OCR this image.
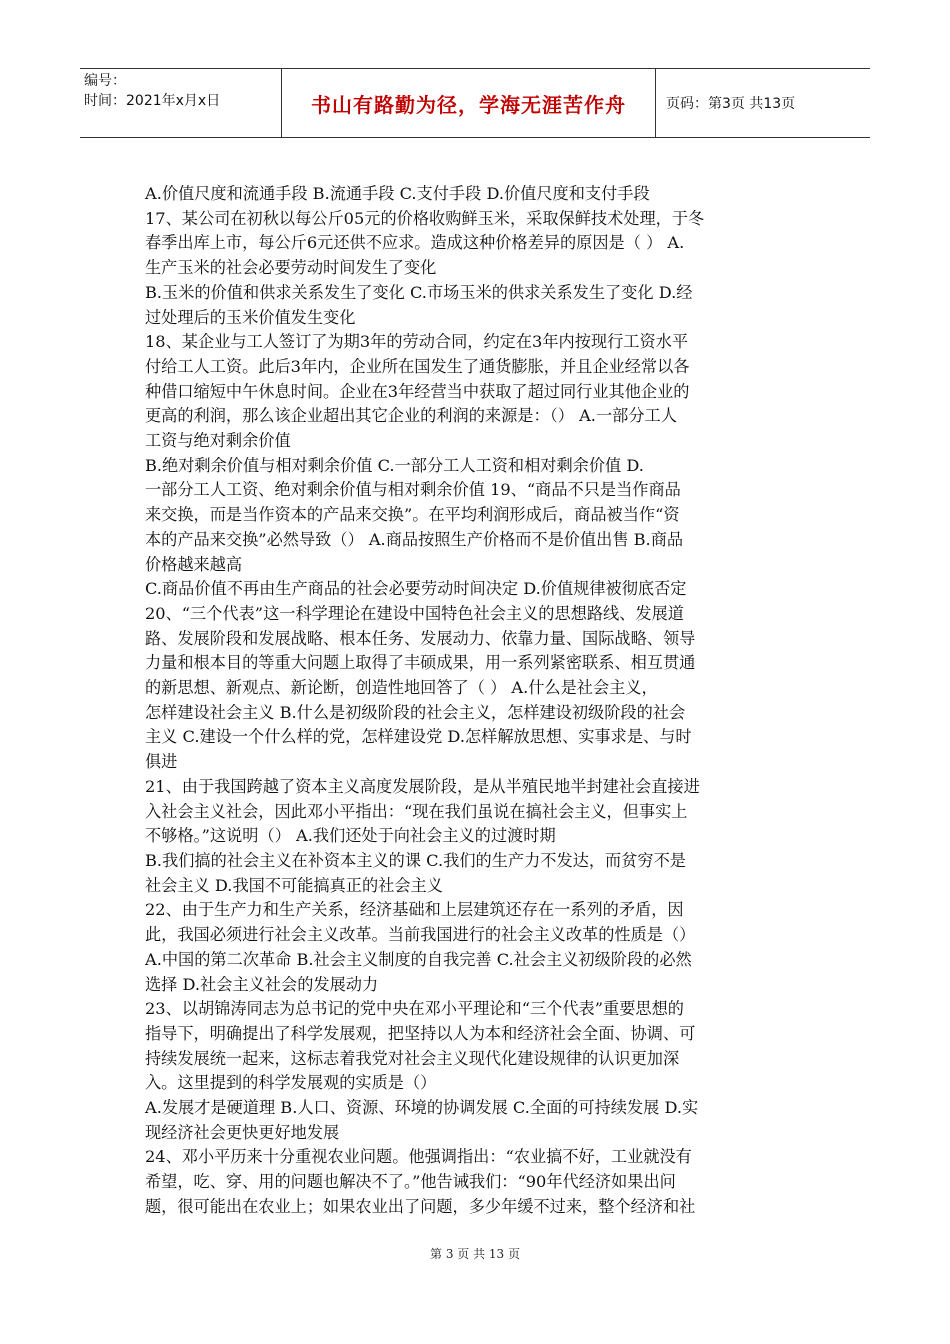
编号：
时间：2021年x月x日	书山有路勤为径，学海无涯苦作舟	页码：第3页 共13页

A.价值尺度和流通手段 B.流通手段 C.支付手段 D.价值尺度和支付手段

17、某公司在初秋以每公斤05元的价格收购鲜玉米，采取保鲜技术处理，于冬

春季出库上市，每公斤6元还供不应求。造成这种价格差异的原因是（ ） A.

生产玉米的社会必要劳动时间发生了变化

B.玉米的价值和供求关系发生了变化 C.市场玉米的供求关系发生了变化 D.经

过处理后的玉米价值发生变化

18、某企业与工人签订了为期3年的劳动合同，约定在3年内按现行工资水平

付给工人工资。此后3年内，企业所在国发生了通货膨胀，并且企业经常以各

种借口缩短中午休息时间。企业在3年经营当中获取了超过同行业其他企业的

更高的利润，那么该企业超出其它企业的利润的来源是：（） A.一部分工人

工资与绝对剩余价值

B.绝对剩余价值与相对剩余价值 C.一部分工人工资和相对剩余价值 D.

一部分工人工资、绝对剩余价值与相对剩余价值 19、“商品不只是当作商品

来交换，而是当作资本的产品来交换”。在平均利润形成后，商品被当作“资

本的产品来交换”必然导致（） A.商品按照生产价格而不是价值出售 B.商品

价格越来越高

C.商品价值不再由生产商品的社会必要劳动时间决定 D.价值规律被彻底否定

20、“三个代表”这一科学理论在建设中国特色社会主义的思想路线、发展道

路、发展阶段和发展战略、根本任务、发展动力、依靠力量、国际战略、领导

力量和根本目的等重大问题上取得了丰硕成果，用一系列紧密联系、相互贯通

的新思想、新观点、新论断，创造性地回答了（ ） A.什么是社会主义，

怎样建设社会主义 B.什么是初级阶段的社会主义，怎样建设初级阶段的社会

主义 C.建设一个什么样的党，怎样建设党 D.怎样解放思想、实事求是、与时

俱进

21、由于我国跨越了资本主义高度发展阶段，是从半殖民地半封建社会直接进

入社会主义社会，因此邓小平指出：“现在我们虽说在搞社会主义，但事实上

不够格。”这说明（） A.我们还处于向社会主义的过渡时期

B.我们搞的社会主义在补资本主义的课 C.我们的生产力不发达，而贫穷不是

社会主义 D.我国不可能搞真正的社会主义

22、由于生产力和生产关系，经济基础和上层建筑还存在一系列的矛盾，因

此，我国必须进行社会主义改革。当前我国进行的社会主义改革的性质是（）

A.中国的第二次革命 B.社会主义制度的自我完善 C.社会主义初级阶段的必然

选择 D.社会主义社会的发展动力

23、以胡锦涛同志为总书记的党中央在邓小平理论和“三个代表”重要思想的

指导下，明确提出了科学发展观，把坚持以人为本和经济社会全面、协调、可

持续发展统一起来，这标志着我党对社会主义现代化建设规律的认识更加深

入。这里提到的科学发展观的实质是（）

A.发展才是硬道理 B.人口、资源、环境的协调发展 C.全面的可持续发展 D.实

现经济社会更快更好地发展

24、邓小平历来十分重视农业问题。他强调指出：“农业搞不好，工业就没有

希望，吃、穿、用的问题也解决不了。”他告诫我们：“90年代经济如果出问

题，很可能出在农业上；如果农业出了问题，多少年缓不过来，整个经济和社

第 3 页 共 13 页
